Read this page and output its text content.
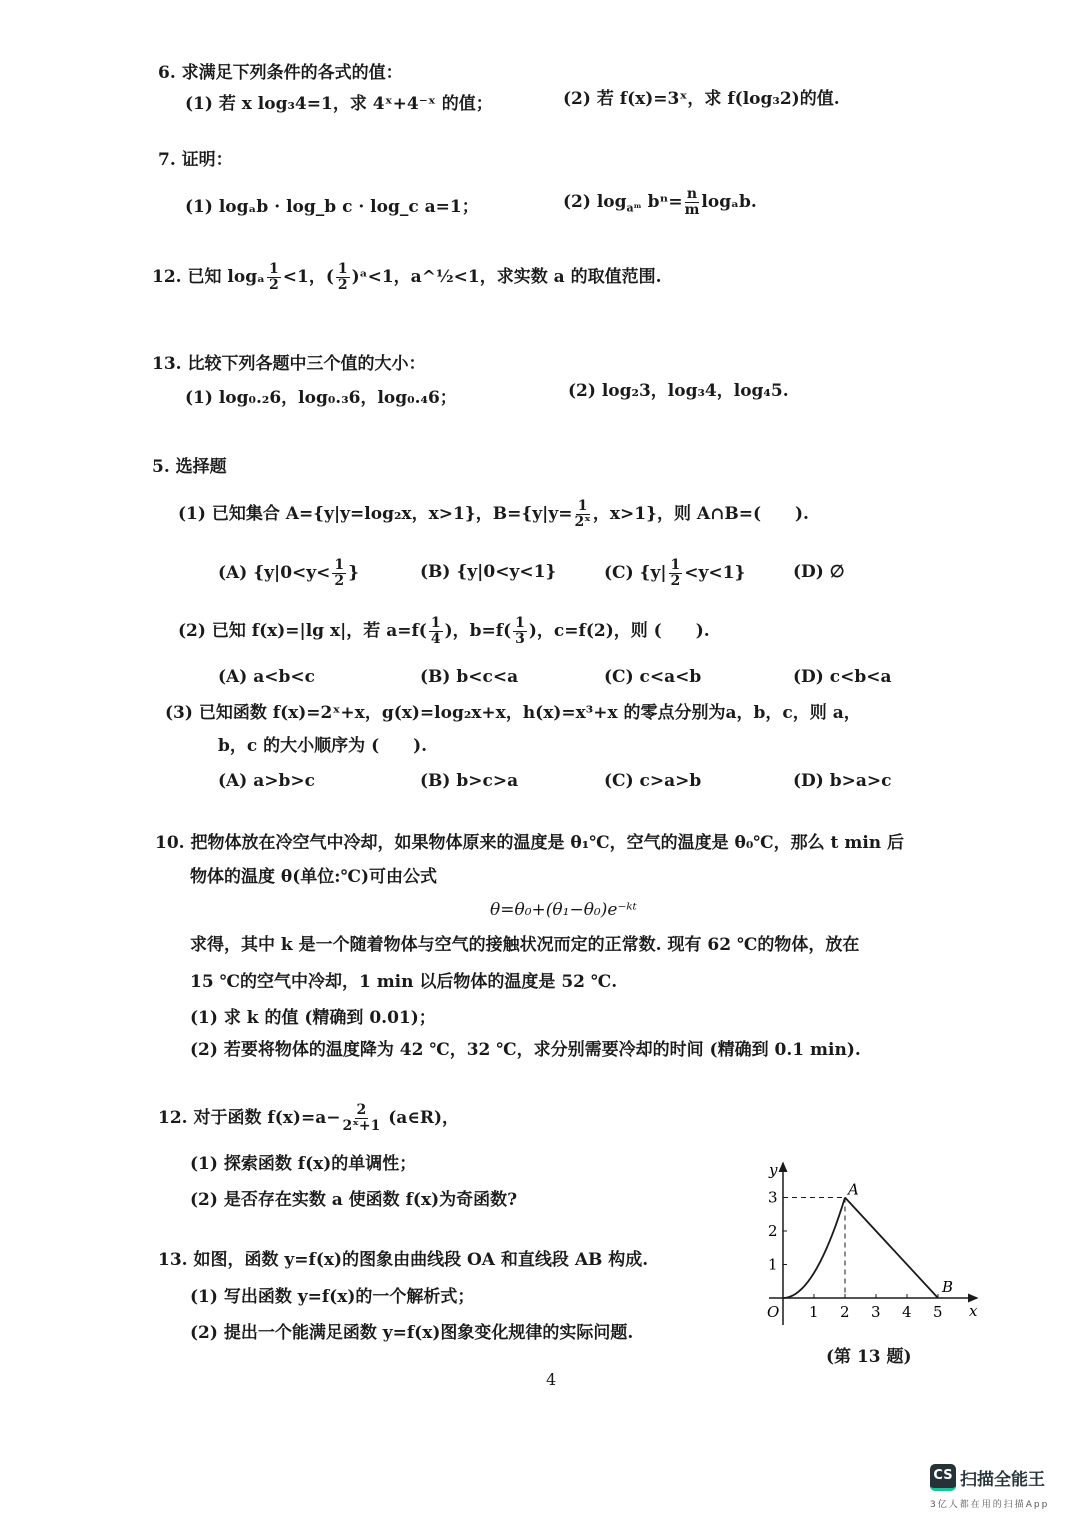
6. 求满足下列条件的各式的值：
(1) 若 x log₃4=1，求 4ˣ+4⁻ˣ 的值；	(2) 若 f(x)=3ˣ，求 f(log₃2)的值.
7. 证明：
(1) logₐb · log_b c · log_c a=1；	(2) $\log_{aᵐ} b^n= \frac{n}{m} \log_ab$.
12. 已知 logₐ $\frac{1}{2} <1$，( $\frac{1}{2}$ )ᵃ<1，a^½<1，求实数 a 的取值范围.
13. 比较下列各题中三个值的大小：
(1) log₀.₂6，log₀.₃6，log₀.₄6；	(2) log₂3，log₃4，log₄5.
5. 选择题
(1) 已知集合 A={y|y=log₂x，x>1}，$B=\{y|y= \frac{1}{\text{2ˣ}}$ ，x>1}，则 A∩B=(　　).
(A) {$y|0<y< \frac{1}{2}$ }	(B) {y|0<y<1}	(C) $\{y| \frac{1}{2} <y<1\}$	(D) ∅
(2) 已知 f(x)=|lg x|，若 $a=f( \frac{1}{4}$ )，$b=f( \frac{1}{3}$ )，c=f(2)，则 (　　).
(A) a<b<c	(B) b<c<a	(C) c<a<b	(D) c<b<a
(3) 已知函数 f(x)=2ˣ+x，g(x)=log₂x+x，h(x)=x³+x 的零点分别为a，b，c，则 a，
b，c 的大小顺序为 (　　).
(A) a>b>c	(B) b>c>a	(C) c>a>b	(D) b>a>c
10. 把物体放在冷空气中冷却，如果物体原来的温度是 θ₁℃，空气的温度是 θ₀℃，那么 t min 后
物体的温度 θ(单位:℃)可由公式
θ=θ₀+(θ₁−θ₀)e⁻ᵏᵗ
求得，其中 k 是一个随着物体与空气的接触状况而定的正常数. 现有 62 ℃的物体，放在
15 ℃的空气中冷却，1 min 以后物体的温度是 52 ℃.
(1) 求 k 的值 (精确到 0.01)；
(2) 若要将物体的温度降为 42 ℃，32 ℃，求分别需要冷却的时间 (精确到 0.1 min).
12. 对于函数 $f(x)=a- \frac{2}{\text{2ˣ+1}}$ (a∈R)，
(1) 探索函数 f(x)的单调性；
(2) 是否存在实数 a 使函数 f(x)为奇函数?
13. 如图，函数 y=f(x)的图象由曲线段 OA 和直线段 AB 构成.
(1) 写出函数 y=f(x)的一个解析式；
(2) 提出一个能满足函数 y=f(x)图象变化规律的实际问题.
1 2 3 4 5
1
2
3	A
B
y
x
O
(第 13 题)
4
CS 扫描全能王
3亿人都在用的扫描App
